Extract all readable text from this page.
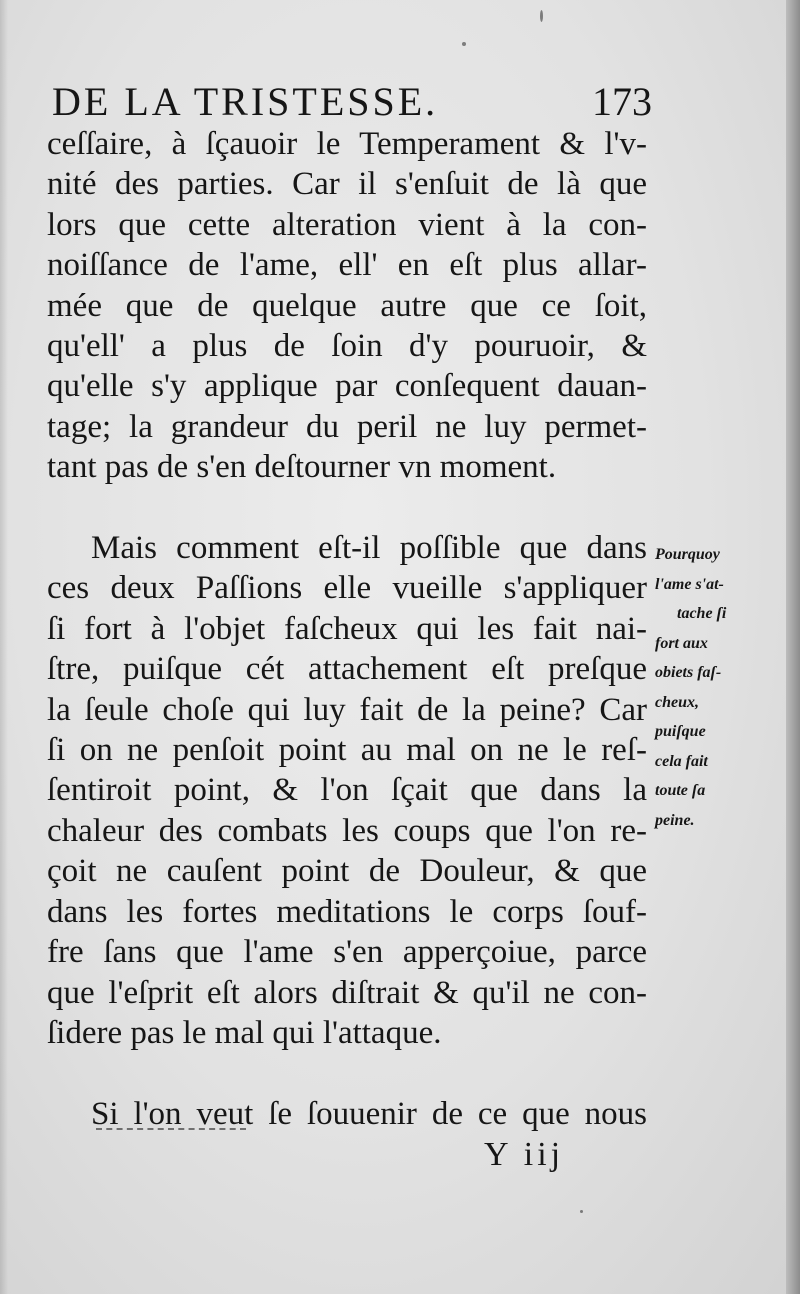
DE LA TRISTESSE.	173
ceſſaire, à ſçauoir le Temperament & l'v-
nité des parties. Car il s'enſuit de là que
lors que cette alteration vient à la con-
noiſſance de l'ame, ell' en eſt plus allar-
mée que de quelque autre que ce ſoit,
qu'ell' a plus de ſoin d'y pouruoir, &
qu'elle s'y applique par conſequent dauan-
tage; la grandeur du peril ne luy permet-
tant pas de s'en deſtourner vn moment.
Mais comment eſt-il poſſible que dans
ces deux Paſſions elle vueille s'appliquer
ſi fort à l'objet faſcheux qui les fait nai-
ſtre, puiſque cét attachement eſt preſque
la ſeule choſe qui luy fait de la peine? Car
ſi on ne penſoit point au mal on ne le reſ-
ſentiroit point, & l'on ſçait que dans la
chaleur des combats les coups que l'on re-
çoit ne cauſent point de Douleur, & que
dans les fortes meditations le corps ſouf-
fre ſans que l'ame s'en apperçoiue, parce
que l'eſprit eſt alors diſtrait & qu'il ne con-
ſidere pas le mal qui l'attaque.
Si l'on veut ſe ſouuenir de ce que nous
Pourquoy
l'ame s'at-
tache ſi
fort aux
obiets faſ-
cheux,
puiſque
cela fait
toute ſa
peine.
Y iij
